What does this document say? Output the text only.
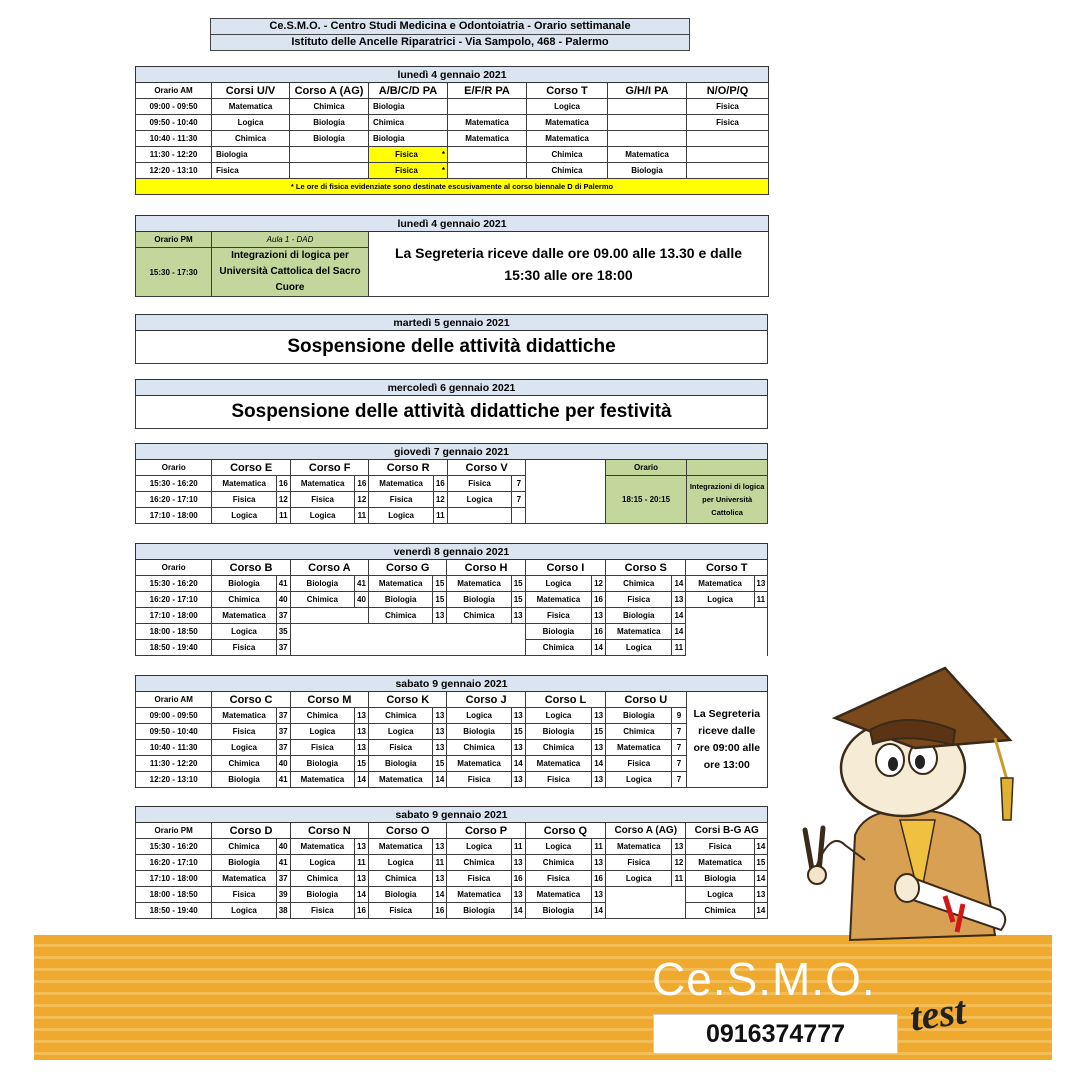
Ce.S.M.O. - Centro Studi Medicina e Odontoiatria - Orario settimanale
Istituto delle Ancelle Riparatrici - Via Sampolo, 468 - Palermo
lunedì 4 gennaio 2021							
Orario AM	Corsi U/V	Corso A (AG)	A/B/C/D PA	E/F/R PA	Corso T	G/H/I PA	N/O/P/Q
09:00 - 09:50	Matematica	Chimica	Biologia		Logica		Fisica
09:50 - 10:40	Logica	Biologia	Chimica	Matematica	Matematica		Fisica
10:40 - 11:30	Chimica	Biologia	Biologia	Matematica	Matematica		
11:30 - 12:20	Biologia		Fisica *		Chimica	Matematica	
12:20 - 13:10	Fisica		Fisica *		Chimica	Biologia	
* Le ore di fisica evidenziate sono destinate escusivamente al corso biennale D di Palermo							
lunedì 4 gennaio 2021		
Orario PM	Aula 1 - DAD	La Segreteria riceve dalle ore 09.00 alle 13.30 e dalle 15:30 alle ore 18:00
15:30 - 17:30	Integrazioni di logica per Università Cattolica del Sacro Cuore	
martedì 5 gennaio 2021
Sospensione delle attività didattiche
mercoledì 6 gennaio 2021
Sospensione delle attività didattiche per festività
giovedì 7 gennaio 2021											
Orario	Corso E		Corso F		Corso R		Corso V			Orario	
15:30 - 16:20	Matematica	16	Matematica	16	Matematica	16	Fisica	7		18:15 - 20:15	Integrazioni di logica per Università Cattolica
16:20 - 17:10	Fisica	12	Fisica	12	Fisica	12	Logica	7			
17:10 - 18:00	Logica	11	Logica	11	Logica	11					
venerdì 8 gennaio 2021														
Orario	Corso B		Corso A		Corso G		Corso H		Corso I		Corso S		Corso T	
15:30 - 16:20	Biologia	41	Biologia	41	Matematica	15	Matematica	15	Logica	12	Chimica	14	Matematica	13
16:20 - 17:10	Chimica	40	Chimica	40	Biologia	15	Biologia	15	Matematica	16	Fisica	13	Logica	11
17:10 - 18:00	Matematica	37			Chimica	13	Chimica	13	Fisica	13	Biologia	14		
18:00 - 18:50	Logica	35							Biologia	16	Matematica	14		
18:50 - 19:40	Fisica	37							Chimica	14	Logica	11		
sabato 9 gennaio 2021													
Orario AM	Corso C		Corso M		Corso K		Corso J		Corso L		Corso U		La Segreteria riceve dalle ore 09:00 alle ore 13:00
09:00 - 09:50	Matematica	37	Chimica	13	Chimica	13	Logica	13	Logica	13	Biologia	9	
09:50 - 10:40	Fisica	37	Logica	13	Logica	13	Biologia	15	Biologia	15	Chimica	7	
10:40 - 11:30	Logica	37	Fisica	13	Fisica	13	Chimica	13	Chimica	13	Matematica	7	
11:30 - 12:20	Chimica	40	Biologia	15	Biologia	15	Matematica	14	Matematica	14	Fisica	7	
12:20 - 13:10	Biologia	41	Matematica	14	Matematica	14	Fisica	13	Fisica	13	Logica	7	
sabato 9 gennaio 2021														
Orario PM	Corso D		Corso N		Corso O		Corso P		Corso Q		Corso A (AG)		Corsi B-G AG	
15:30 - 16:20	Chimica	40	Matematica	13	Matematica	13	Logica	11	Logica	11	Matematica	13	Fisica	14
16:20 - 17:10	Biologia	41	Logica	11	Logica	11	Chimica	13	Chimica	13	Fisica	12	Matematica	15
17:10 - 18:00	Matematica	37	Chimica	13	Chimica	13	Fisica	16	Fisica	16	Logica	11	Biologia	14
18:00 - 18:50	Fisica	39	Biologia	14	Biologia	14	Matematica	13	Matematica	13			Logica	13
18:50 - 19:40	Logica	38	Fisica	16	Fisica	16	Biologia	14	Biologia	14			Chimica	14
Ce.S.M.O.
test
0916374777
